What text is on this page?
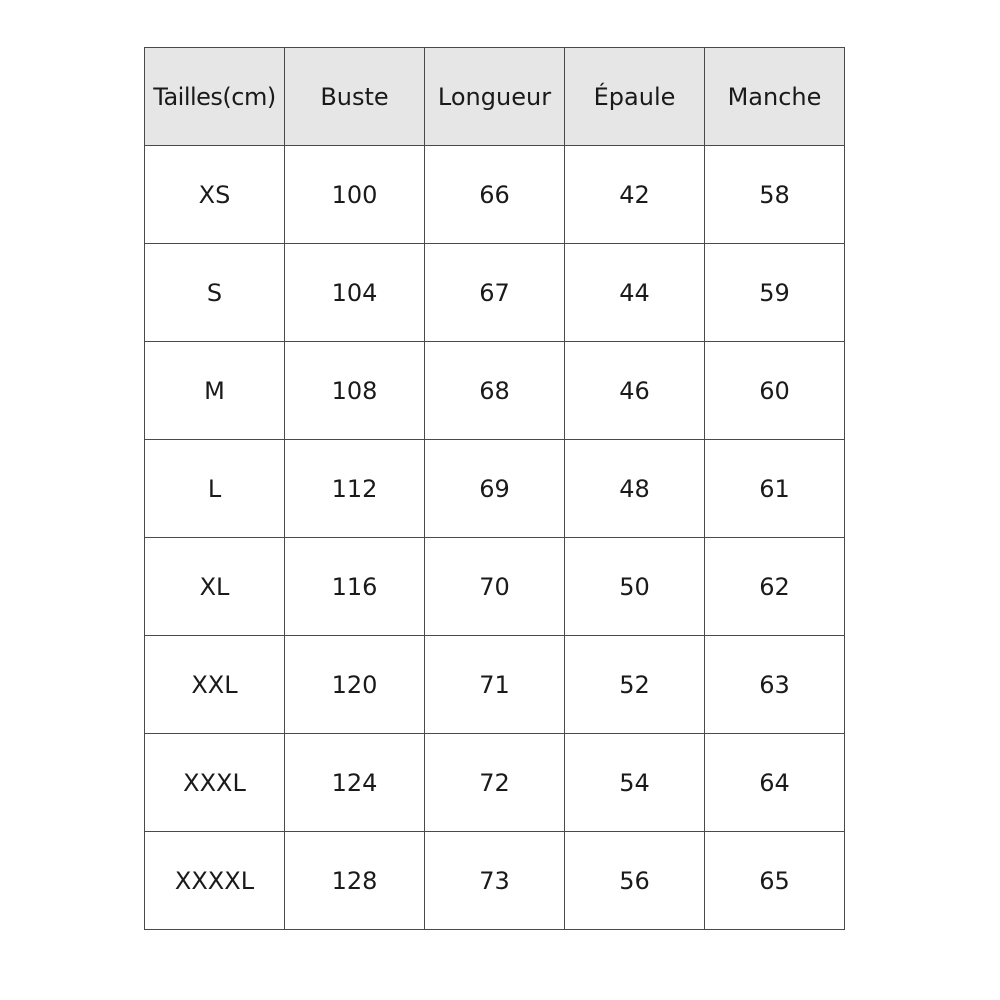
Tailles(cm)	Buste	Longueur	Épaule	Manche
XS	100	66	42	58
S	104	67	44	59
M	108	68	46	60
L	112	69	48	61
XL	116	70	50	62
XXL	120	71	52	63
XXXL	124	72	54	64
XXXXL	128	73	56	65
